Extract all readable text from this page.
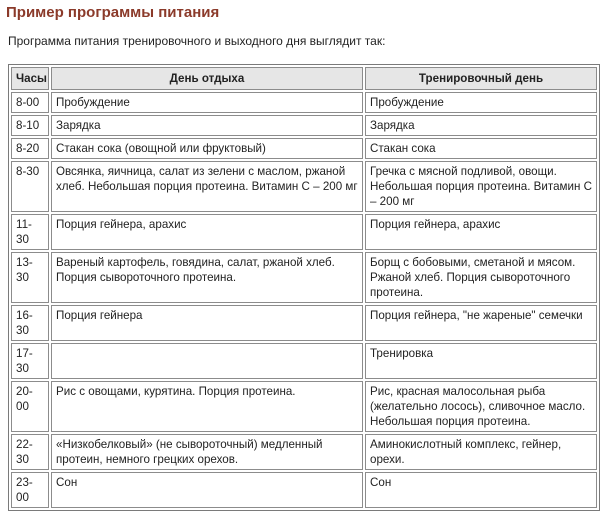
Пример программы питания
Программа питания тренировочного и выходного дня выглядит так:
Часы	День отдыха	Тренировочный день
8-00	Пробуждение	Пробуждение
8-10	Зарядка	Зарядка
8-20	Стакан сока (овощной или фруктовый)	Стакан сока
8-30	Овсянка, яичница, салат из зелени с маслом, ржаной хлеб. Небольшая порция протеина. Витамин С – 200 мг	Гречка с мясной подливой, овощи. Небольшая порция протеина. Витамин С – 200 мг
11-30	Порция гейнера, арахис	Порция гейнера, арахис
13-30	Вареный картофель, говядина, салат, ржаной хлеб. Порция сывороточного протеина.	Борщ с бобовыми, сметаной и мясом. Ржаной хлеб. Порция сывороточного протеина.
16-30	Порция гейнера	Порция гейнера, "не жареные" семечки
17-30		Тренировка
20-00	Рис с овощами, курятина. Порция протеина.	Рис, красная малосольная рыба (желательно лосось), сливочное масло. Небольшая порция протеина.
22-30	«Низкобелковый» (не сывороточный) медленный протеин, немного грецких орехов.	Аминокислотный комплекс, гейнер, орехи.
23-00	Сон	Сон
